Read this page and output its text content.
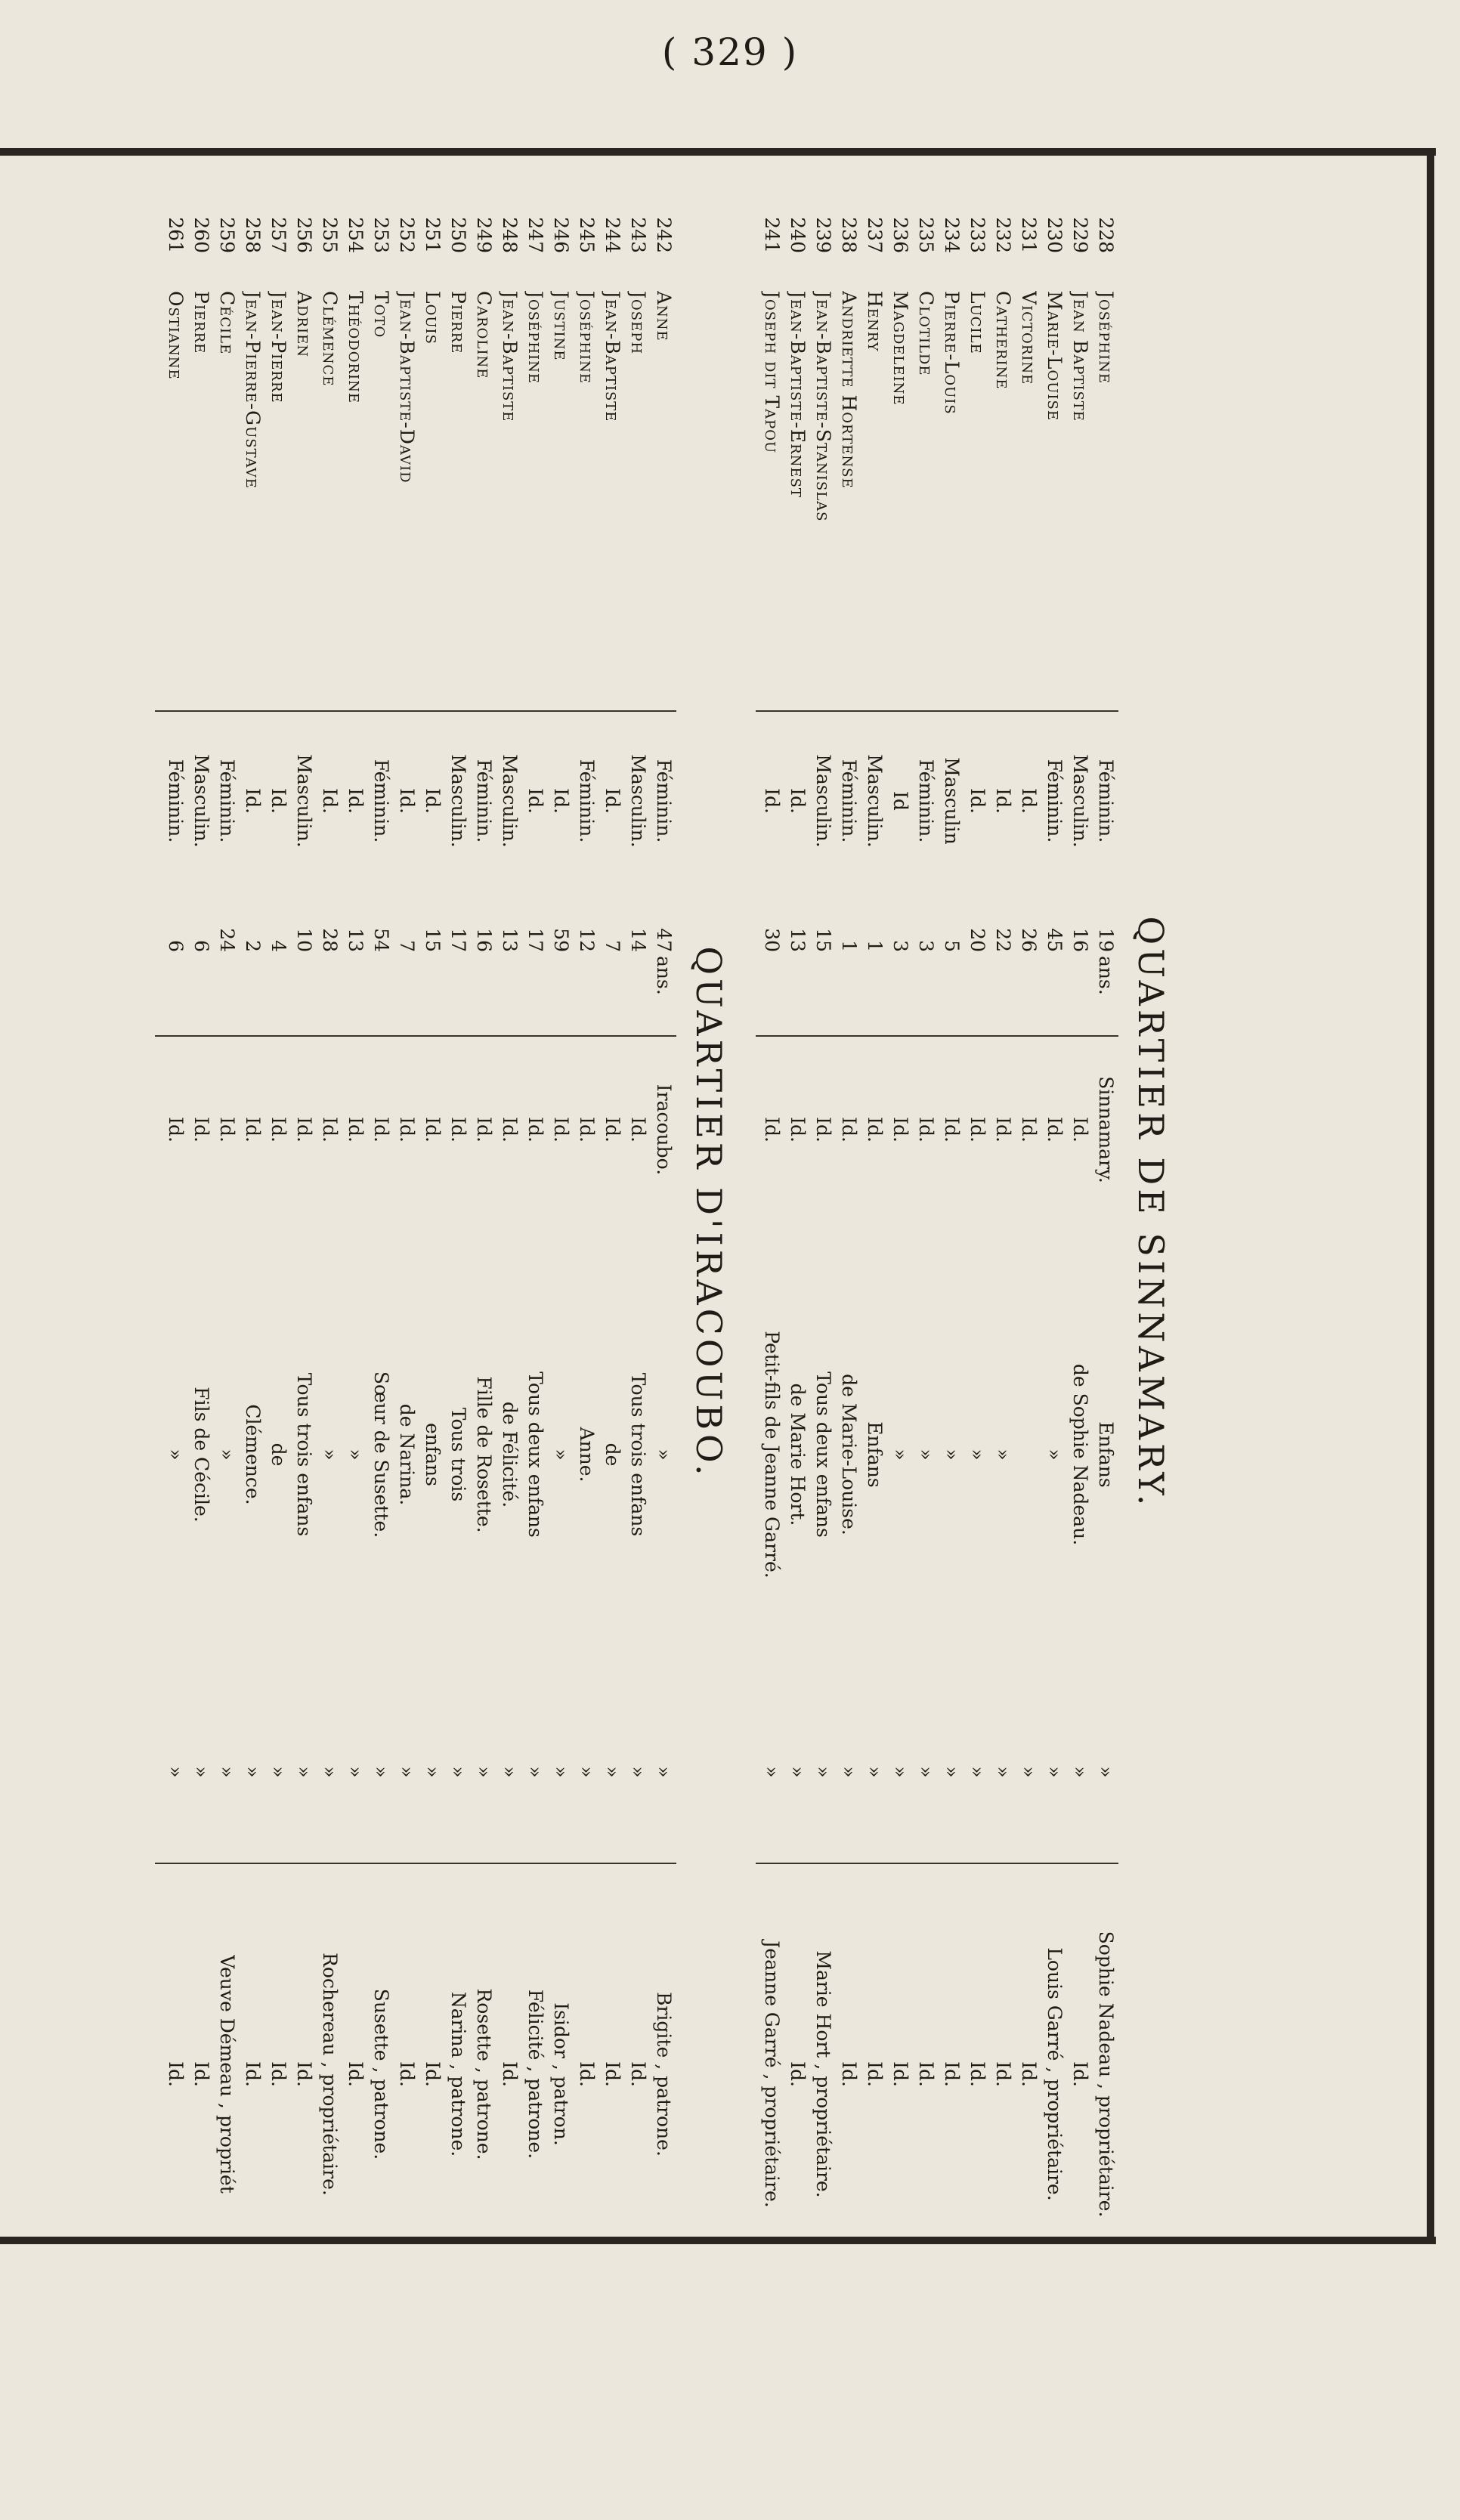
( 329 )
QUARTIER DE SINNAMARY.
228
Joséphine
Féminin.
19
ans.
Sinnamary.
Enfans
»
Sophie Nadeau , propriétaire.
229
Jean Baptiste
Masculin.
16
Id.
de Sophie Nadeau.
»
Id.
230
Marie-Louise
Féminin.
45
Id.
»
»
Louis Garré , propriétaire.
231
Victorine
Id.
26
Id.
»
Id.
232
Catherine
Id.
22
Id.
»
»
Id.
233
Lucile
Id.
20
Id.
»
»
Id.
234
Pierre-Louis
Masculin
5
Id.
»
»
Id.
235
Clotilde
Féminin.
3
Id.
»
»
Id.
236
Magdeleine
Id
3
Id.
»
»
Id.
237
Henry
Masculin.
1
Id.
Enfans
»
Id.
238
Andriette Hortense
Féminin.
1
Id.
de Marie-Louise.
»
Id.
239
Jean-Baptiste-Stanislas
Masculin.
15
Id.
Tous deux enfans
»
Marie Hort , propriétaire.
240
Jean-Baptiste-Ernest
Id.
13
Id.
de Marie Hort.
»
Id.
241
Joseph dit Tapou
Id.
30
Id.
Petit-fils de Jeanne Garré.
»
Jeanne Garré , propriétaire.
QUARTIER D'IRACOUBO.
242
Anne
Féminin.
47
ans.
Iracoubo.
»
»
Brigite , patrone.
243
Joseph
Masculin.
14
Id.
Tous trois enfans
»
Id.
244
Jean-Baptiste
Id.
7
Id.
de
»
Id.
245
Joséphine
Féminin.
12
Id.
Anne.
»
Id.
246
Justine
Id.
59
Id.
»
»
Isidor , patron.
247
Joséphine
Id.
17
Id.
Tous deux enfans
»
Félicité , patrone.
248
Jean-Baptiste
Masculin.
13
Id.
de Félicité.
»
Id.
249
Caroline
Féminin.
16
Id.
Fille de Rosette.
»
Rosette , patrone.
250
Pierre
Masculin.
17
Id.
Tous trois
»
Narina , patrone.
251
Louis
Id.
15
Id.
enfans
»
Id.
252
Jean-Baptiste-David
Id.
7
Id.
de Narina.
»
Id.
253
Toto
Féminin.
54
Id.
Sœur de Susette.
»
Susette , patrone.
254
Théodorine
Id.
13
Id.
»
»
Id.
255
Clémence
Id.
28
Id.
»
»
Rochereau , propriétaire.
256
Adrien
Masculin.
10
Id.
Tous trois enfans
»
Id.
257
Jean-Pierre
Id.
4
Id.
de
»
Id.
258
Jean-Pierre-Gustave
Id.
2
Id.
Clémence.
»
Id.
259
Cécile
Féminin.
24
Id.
»
»
Veuve Démeau , propriét
260
Pierre
Masculin.
6
Id.
Fils de Cécile.
»
Id.
261
Ostianne
Féminin.
6
Id.
»
»
Id.
